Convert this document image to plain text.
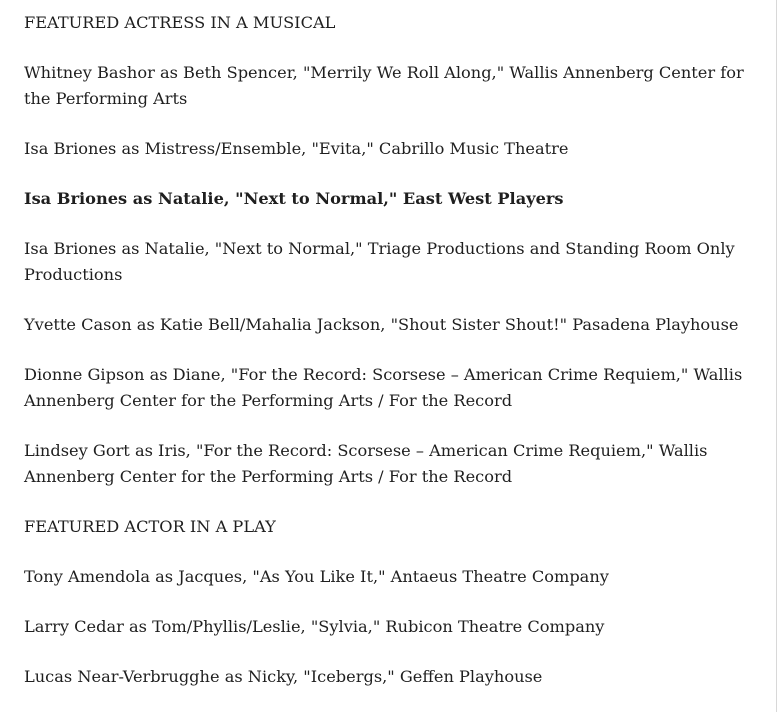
FEATURED ACTRESS IN A MUSICAL

Whitney Bashor as Beth Spencer, "Merrily We Roll Along," Wallis Annenberg Center for the Performing Arts

Isa Briones as Mistress/Ensemble, "Evita," Cabrillo Music Theatre

Isa Briones as Natalie, "Next to Normal," East West Players

Isa Briones as Natalie, "Next to Normal," Triage Productions and Standing Room Only Productions

Yvette Cason as Katie Bell/Mahalia Jackson, "Shout Sister Shout!" Pasadena Playhouse

Dionne Gipson as Diane, "For the Record: Scorsese – American Crime Requiem," Wallis Annenberg Center for the Performing Arts / For the Record

Lindsey Gort as Iris, "For the Record: Scorsese – American Crime Requiem," Wallis Annenberg Center for the Performing Arts / For the Record

FEATURED ACTOR IN A PLAY

Tony Amendola as Jacques, "As You Like It," Antaeus Theatre Company

Larry Cedar as Tom/Phyllis/Leslie, "Sylvia," Rubicon Theatre Company

Lucas Near-Verbrugghe as Nicky, "Icebergs," Geffen Playhouse
